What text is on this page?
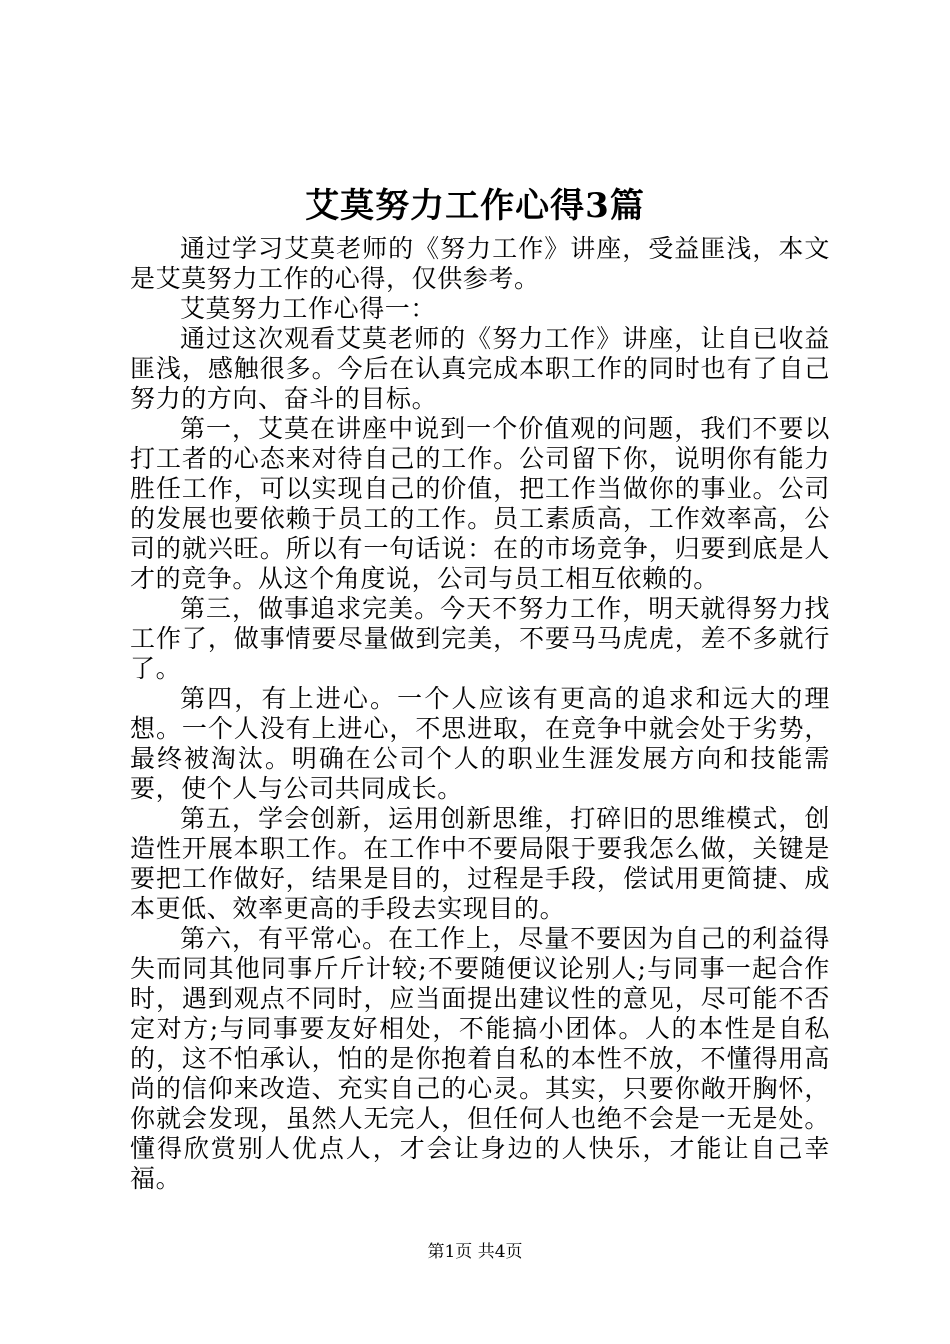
艾莫努力工作心得3篇

通过学习艾莫老师的《努力工作》讲座，受益匪浅，本文是艾莫努力工作的心得，仅供参考。

艾莫努力工作心得一：

通过这次观看艾莫老师的《努力工作》讲座，让自已收益匪浅，感触很多。今后在认真完成本职工作的同时也有了自己努力的方向、奋斗的目标。

第一，艾莫在讲座中说到一个价值观的问题，我们不要以打工者的心态来对待自己的工作。公司留下你，说明你有能力胜任工作，可以实现自己的价值，把工作当做你的事业。公司的发展也要依赖于员工的工作。员工素质高，工作效率高，公司的就兴旺。所以有一句话说：在的市场竞争，归要到底是人才的竞争。从这个角度说，公司与员工相互依赖的。

第三，做事追求完美。今天不努力工作，明天就得努力找工作了，做事情要尽量做到完美，不要马马虎虎，差不多就行了。

第四，有上进心。一个人应该有更高的追求和远大的理想。一个人没有上进心，不思进取，在竞争中就会处于劣势，最终被淘汰。明确在公司个人的职业生涯发展方向和技能需要，使个人与公司共同成长。

第五，学会创新，运用创新思维，打碎旧的思维模式，创造性开展本职工作。在工作中不要局限于要我怎么做，关键是要把工作做好，结果是目的，过程是手段，偿试用更简捷、成本更低、效率更高的手段去实现目的。

第六，有平常心。在工作上，尽量不要因为自己的利益得失而同其他同事斤斤计较;不要随便议论别人;与同事一起合作时，遇到观点不同时，应当面提出建议性的意见，尽可能不否定对方;与同事要友好相处，不能搞小团体。人的本性是自私的，这不怕承认，怕的是你抱着自私的本性不放，不懂得用高尚的信仰来改造、充实自己的心灵。其实，只要你敞开胸怀，你就会发现，虽然人无完人，但任何人也绝不会是一无是处。懂得欣赏别人优点人，才会让身边的人快乐，才能让自己幸福。

第1页 共4页
